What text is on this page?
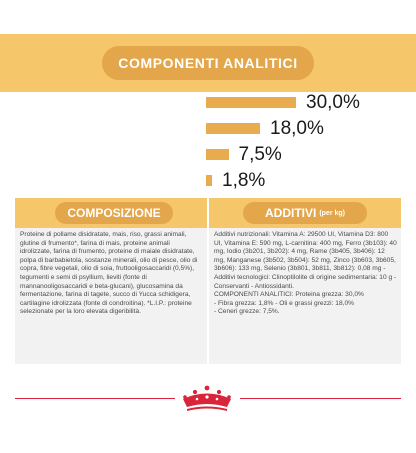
COMPONENTI ANALITICI
30,0%
18,0%
7,5%
1,8%
COMPOSIZIONE

Proteine di pollame disidratate, mais, riso, grassi animali, glutine di frumento*, farina di mais, proteine animali idrolizzate, farina di frumento, proteine di maiale disidratate, polpa di barbabietola, sostanze minerali, olio di pesce, olio di copra, fibre vegetali, olio di soia, fruttooligosaccaridi (0,5%), tegumenti e semi di psyllium, lieviti (fonte di mannanooligosaccaridi e beta-glucani), glucosamina da fermentazione, farina di tagete, succo di Yucca schidigera, cartilagine idrolizzata (fonte di condroitina). *L.I.P.: proteine selezionate per la loro elevata digeribilità.

ADDITIVI (per kg)

Additivi nutrizionali: Vitamina A: 29500 UI, Vitamina D3: 800 UI, Vitamina E: 590 mg, L-carnitina: 400 mg, Ferro (3b103): 40 mg, Iodio (3b201, 3b202): 4 mg, Rame (3b405, 3b406): 12 mg, Manganese (3b502, 3b504): 52 mg, Zinco (3b603, 3b605, 3b606): 133 mg, Selenio (3b801, 3b811, 3b812): 0,08 mg - Additivi tecnologici: Clinoptilolite di origine sedimentaria: 10 g - Conservanti - Antiossidanti.

COMPONENTI ANALITICI: Proteina grezza: 30,0%

- Fibra grezza: 1,8% - Oli e grassi grezzi: 18,0%

- Ceneri grezze: 7,5%.
